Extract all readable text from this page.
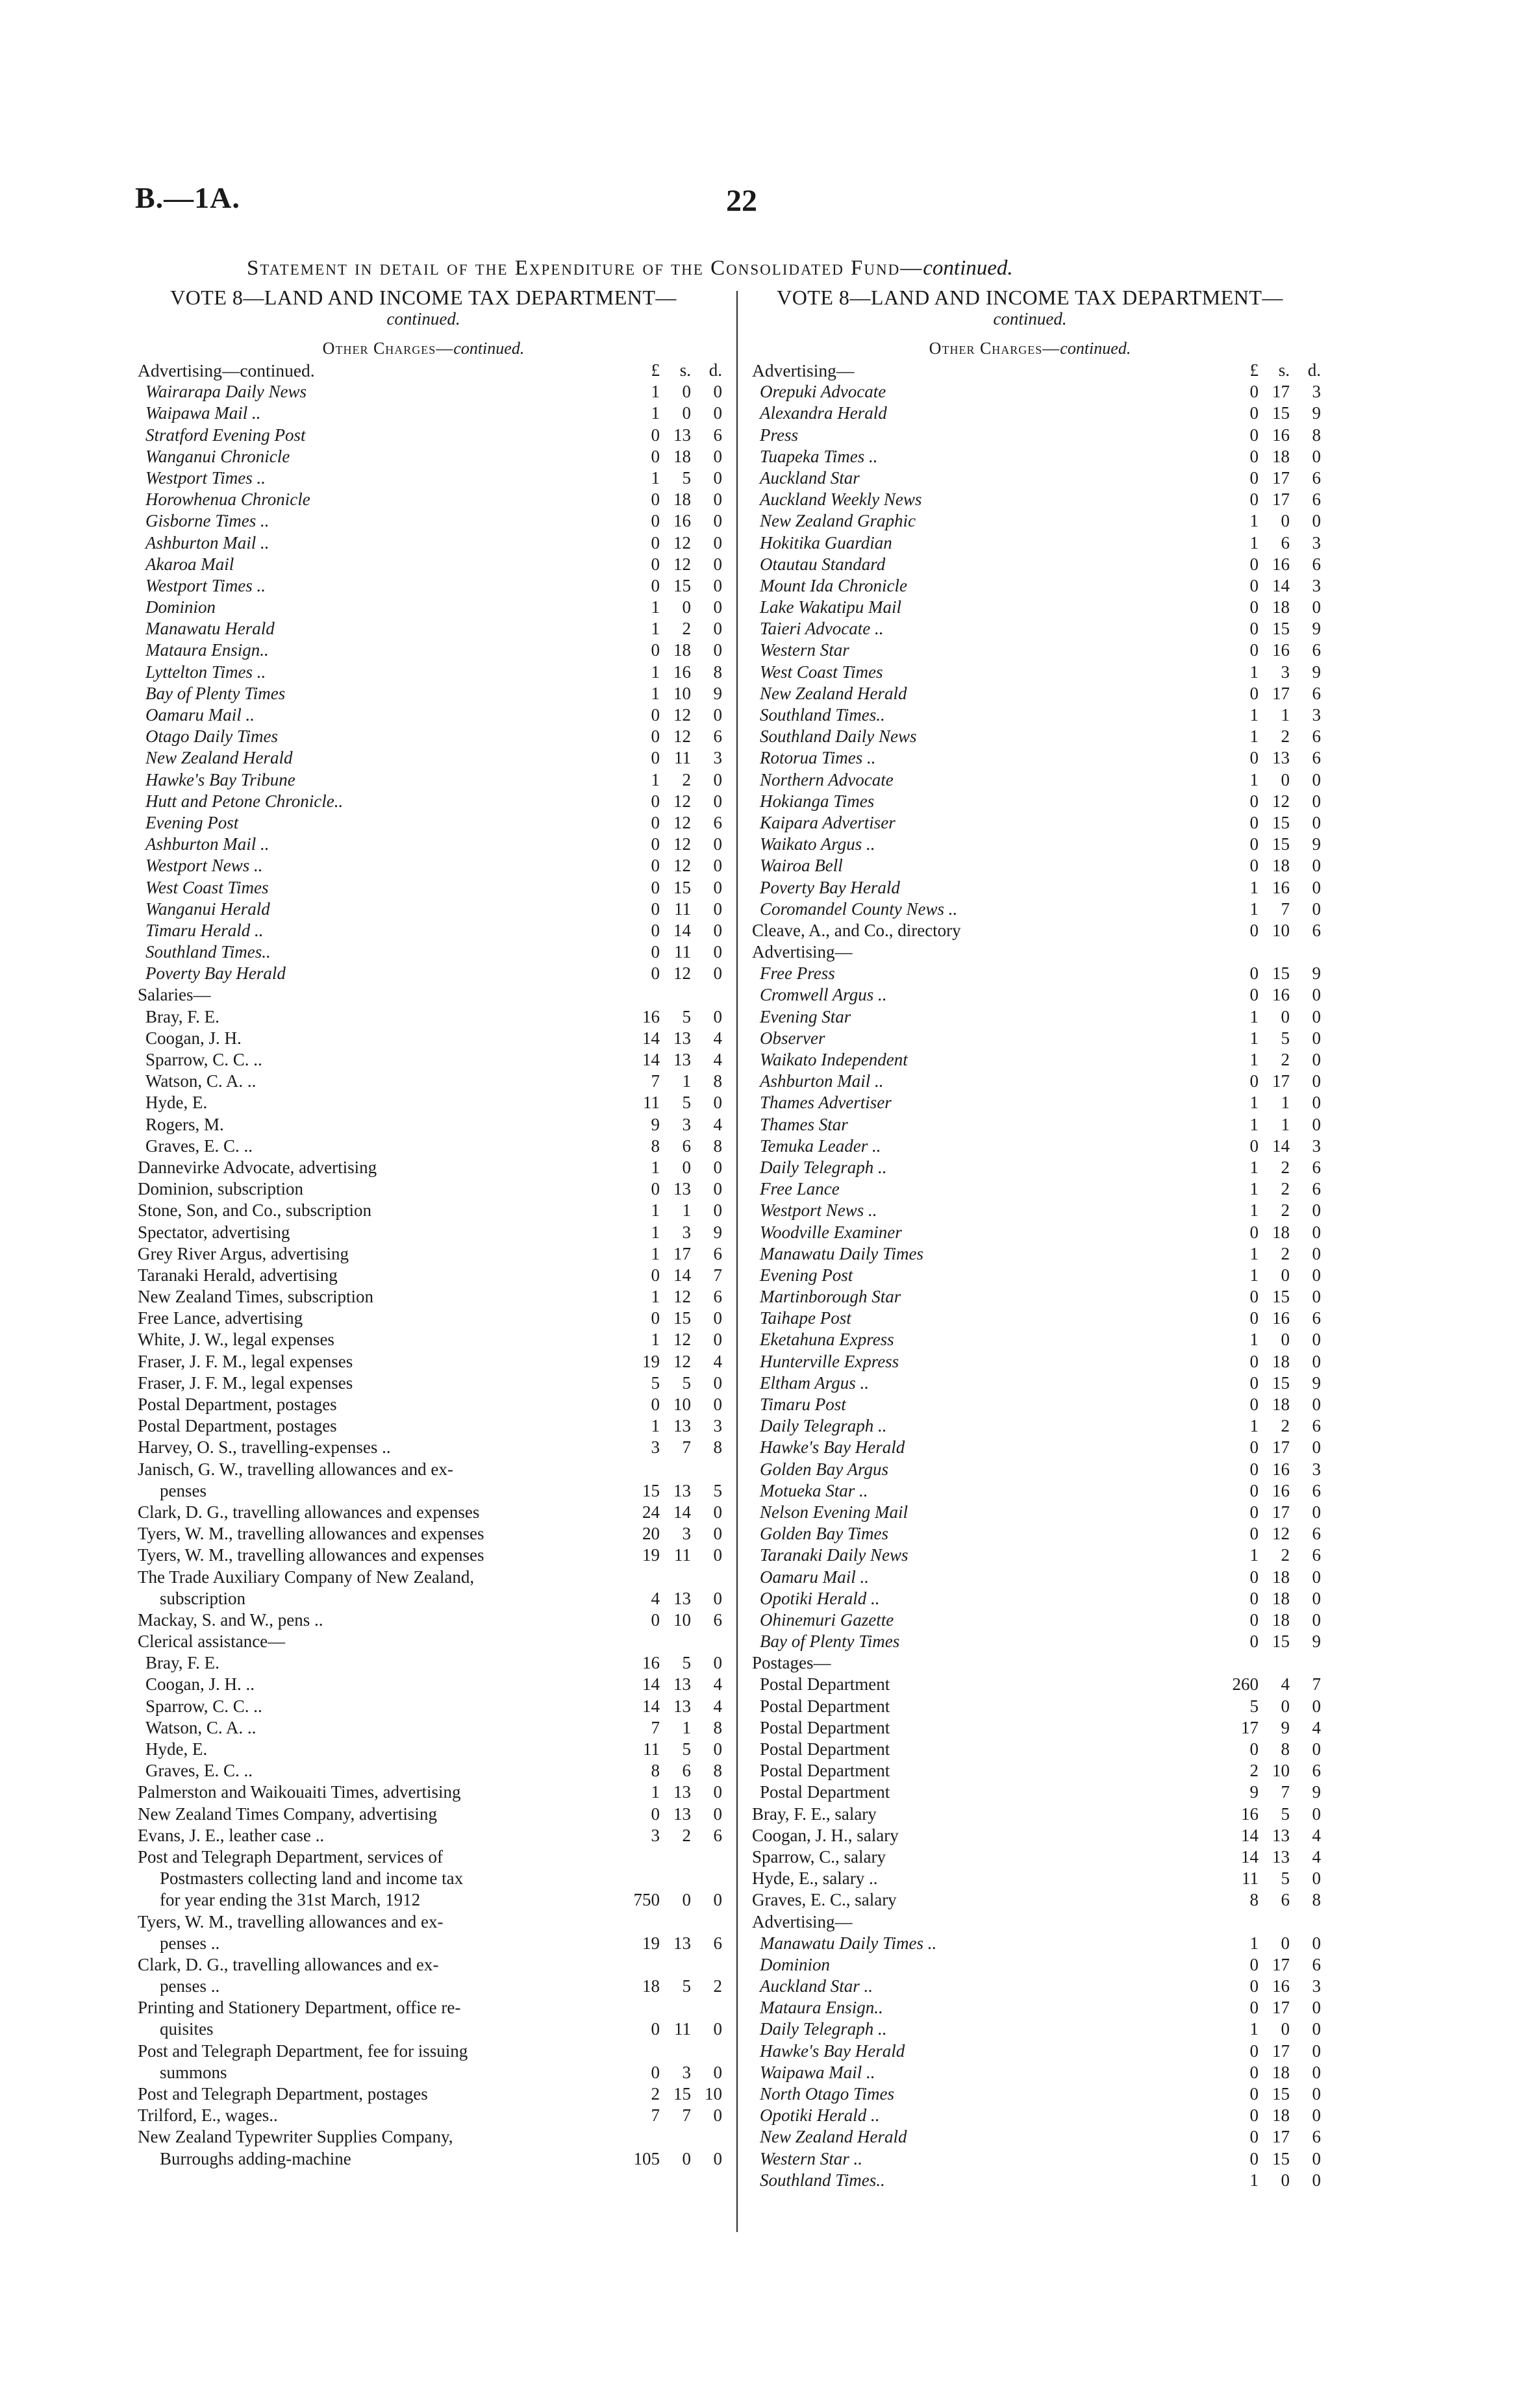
B.—1A.	22
Statement in detail of the Expenditure of the Consolidated Fund—continued.
VOTE 8—LAND AND INCOME TAX DEPARTMENT—
continued.
Other Charges—continued.
Advertising—continued.	£	s.	d.
Wairarapa Daily News	1	0	0
Waipawa Mail ..	1	0	0
Stratford Evening Post	0 13	6
Wanganui Chronicle	0 18	0
Westport Times ..	1	5	0
Horowhenua Chronicle	0 18	0
Gisborne Times ..	0 16	0
Ashburton Mail ..	0 12	0
Akaroa Mail	0 12	0
Westport Times ..	0 15	0
Dominion	1	0	0
Manawatu Herald	1	2	0
Mataura Ensign..	0 18	0
Lyttelton Times ..	1 16	8
Bay of Plenty Times	1 10	9
Oamaru Mail ..	0 12	0
Otago Daily Times	0 12	6
New Zealand Herald	0 11	3
Hawke's Bay Tribune	1	2	0
Hutt and Petone Chronicle..	0 12	0
Evening Post	0 12	6
Ashburton Mail ..	0 12	0
Westport News ..	0 12	0
West Coast Times	0 15	0
Wanganui Herald	0 11	0
Timaru Herald ..	0 14	0
Southland Times..	0 11	0
Poverty Bay Herald	0 12	0
Salaries—
Bray, F. E.	16	5	0
Coogan, J. H.	14 13	4
Sparrow, C. C. ..	14 13	4
Watson, C. A. ..	7	1	8
Hyde, E.	11	5	0
Rogers, M.	9	3	4
Graves, E. C. ..	8	6	8
Dannevirke Advocate, advertising	1	0	0
Dominion, subscription	0 13	0
Stone, Son, and Co., subscription	1	1	0
Spectator, advertising	1	3	9
Grey River Argus, advertising	1 17	6
Taranaki Herald, advertising	0 14	7
New Zealand Times, subscription	1 12	6
Free Lance, advertising	0 15	0
White, J. W., legal expenses	1 12	0
Fraser, J. F. M., legal expenses	19 12	4
Fraser, J. F. M., legal expenses	5	5	0
Postal Department, postages	0 10	0
Postal Department, postages	1 13	3
Harvey, O. S., travelling-expenses ..	3	7	8
Janisch, G. W., travelling allowances and ex-
penses	15 13	5
Clark, D. G., travelling allowances and expenses	24 14	0
Tyers, W. M., travelling allowances and expenses	20	3	0
Tyers, W. M., travelling allowances and expenses	19 11	0
The Trade Auxiliary Company of New Zealand,
subscription	4 13	0
Mackay, S. and W., pens ..	0 10	6
Clerical assistance—
Bray, F. E.	16	5	0
Coogan, J. H. ..	14 13	4
Sparrow, C. C. ..	14 13	4
Watson, C. A. ..	7	1	8
Hyde, E.	11	5	0
Graves, E. C. ..	8	6	8
Palmerston and Waikouaiti Times, advertising	1 13	0
New Zealand Times Company, advertising	0 13	0
Evans, J. E., leather case ..	3	2	6
Post and Telegraph Department, services of
Postmasters collecting land and income tax
for year ending the 31st March, 1912	750	0	0
Tyers, W. M., travelling allowances and ex-
penses ..	19 13	6
Clark, D. G., travelling allowances and ex-
penses ..	18	5	2
Printing and Stationery Department, office re-
quisites	0 11	0
Post and Telegraph Department, fee for issuing
summons	0	3	0
Post and Telegraph Department, postages	2 15 10
Trilford, E., wages..	7	7	0
New Zealand Typewriter Supplies Company,
Burroughs adding-machine	105	0	0
VOTE 8—LAND AND INCOME TAX DEPARTMENT—
continued.
Other Charges—continued.
Advertising—	£	s.	d.
Orepuki Advocate	0 17	3
Alexandra Herald	0 15	9
Press	0 16	8
Tuapeka Times ..	0 18	0
Auckland Star	0 17	6
Auckland Weekly News	0 17	6
New Zealand Graphic	1	0	0
Hokitika Guardian	1	6	3
Otautau Standard	0 16	6
Mount Ida Chronicle	0 14	3
Lake Wakatipu Mail	0 18	0
Taieri Advocate ..	0 15	9
Western Star	0 16	6
West Coast Times	1	3	9
New Zealand Herald	0 17	6
Southland Times..	1	1	3
Southland Daily News	1	2	6
Rotorua Times ..	0 13	6
Northern Advocate	1	0	0
Hokianga Times	0 12	0
Kaipara Advertiser	0 15	0
Waikato Argus ..	0 15	9
Wairoa Bell	0 18	0
Poverty Bay Herald	1 16	0
Coromandel County News ..	1	7	0
Cleave, A., and Co., directory	0 10	6
Advertising—
Free Press	0 15	9
Cromwell Argus ..	0 16	0
Evening Star	1	0	0
Observer	1	5	0
Waikato Independent	1	2	0
Ashburton Mail ..	0 17	0
Thames Advertiser	1	1	0
Thames Star	1	1	0
Temuka Leader ..	0 14	3
Daily Telegraph ..	1	2	6
Free Lance	1	2	6
Westport News ..	1	2	0
Woodville Examiner	0 18	0
Manawatu Daily Times	1	2	0
Evening Post	1	0	0
Martinborough Star	0 15	0
Taihape Post	0 16	6
Eketahuna Express	1	0	0
Hunterville Express	0 18	0
Eltham Argus ..	0 15	9
Timaru Post	0 18	0
Daily Telegraph ..	1	2	6
Hawke's Bay Herald	0 17	0
Golden Bay Argus	0 16	3
Motueka Star ..	0 16	6
Nelson Evening Mail	0 17	0
Golden Bay Times	0 12	6
Taranaki Daily News	1	2	6
Oamaru Mail ..	0 18	0
Opotiki Herald ..	0 18	0
Ohinemuri Gazette	0 18	0
Bay of Plenty Times	0 15	9
Postages—
Postal Department	260	4	7
Postal Department	5	0	0
Postal Department	17	9	4
Postal Department	0	8	0
Postal Department	2 10	6
Postal Department	9	7	9
Bray, F. E., salary	16	5	0
Coogan, J. H., salary	14 13	4
Sparrow, C., salary	14 13	4
Hyde, E., salary ..	11	5	0
Graves, E. C., salary	8	6	8
Advertising—
Manawatu Daily Times ..	1	0	0
Dominion	0 17	6
Auckland Star ..	0 16	3
Mataura Ensign..	0 17	0
Daily Telegraph ..	1	0	0
Hawke's Bay Herald	0 17	0
Waipawa Mail ..	0 18	0
North Otago Times	0 15	0
Opotiki Herald ..	0 18	0
New Zealand Herald	0 17	6
Western Star ..	0 15	0
Southland Times..	1	0	0
